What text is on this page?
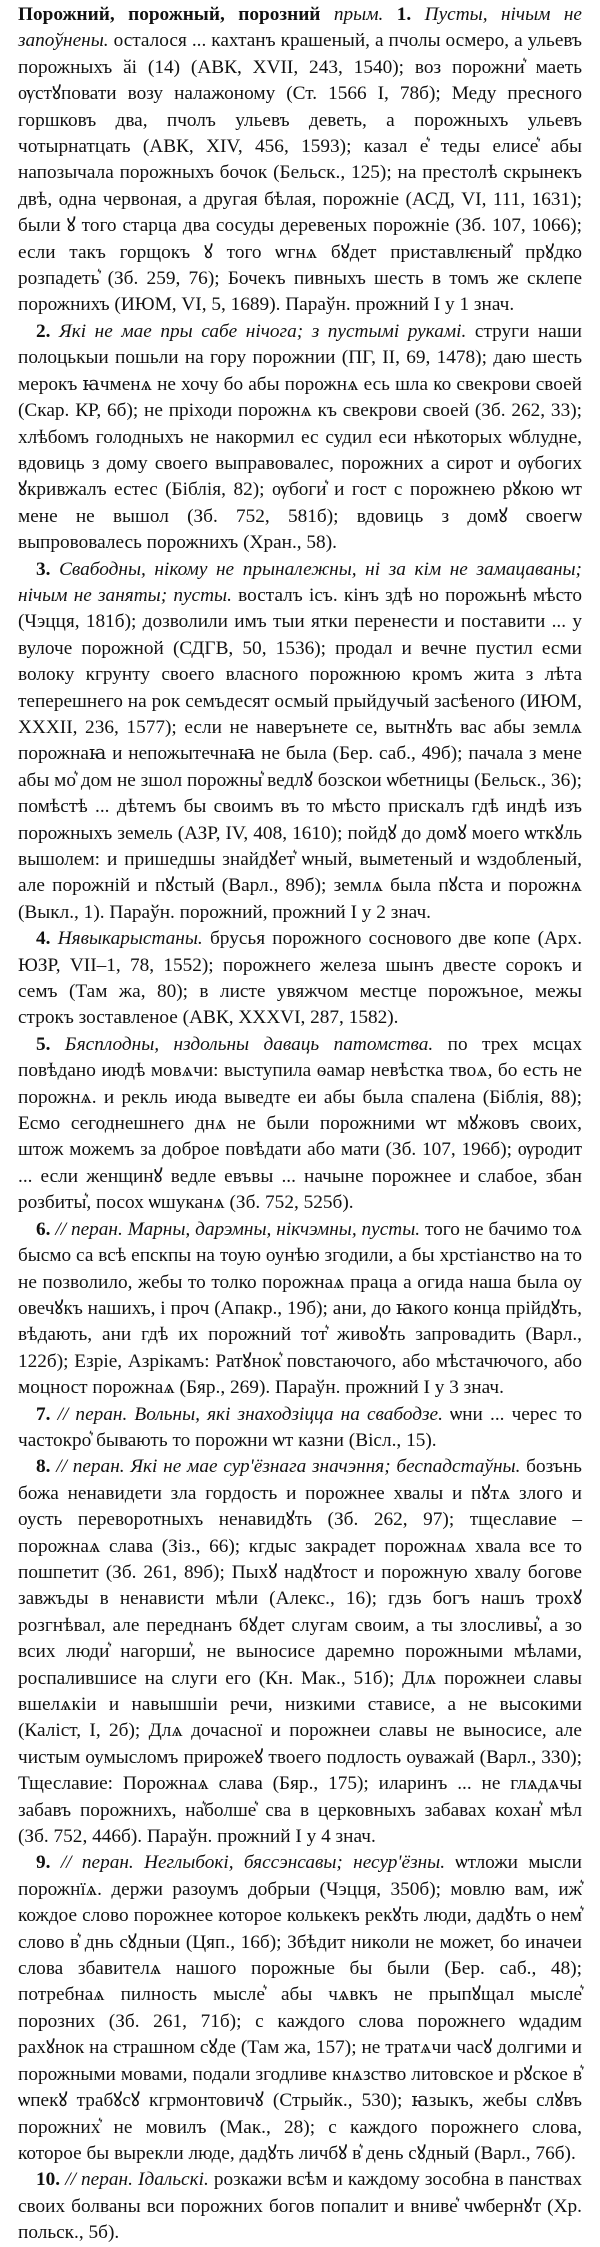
Порожний, порожный, порозний прым. 1. Пусты, нічым не запоўнены. осталося ... кахтанъ крашеный, а пчолы осмеро, а ульевъ порожныхъ ӑі (14) (АВК, XVII, 243, 1540); воз порожни͛ маеть ѹстꙋповати возу налажоному (Ст. 1566 І, 78б); Меду пресного горшковъ два, пчолъ ульевъ деветь, а порожныхъ ульевъ чотырнатцать (АВК, XIV, 456, 1593); казал е͛ теды елисе͛ абы напозычала порожныхъ бочок (Бельск., 125); на престолѣ скрынекъ двѣ, одна червоная, а другая бѣлая, порожніе (АСД, VI, 111, 1631); были ꙋ того старца два сосуды деревеных порожніе (Зб. 107, 1066); если такъ горщокъ ꙋ того ѡгнѧ бꙋдет приставлѥный͛ прꙋдко розпадеть͛ (Зб. 259, 76); Бочекъ пивныхъ шесть в томъ же склепе порожнихъ (ИЮМ, VI, 5, 1689). Параўн. прожний І у 1 знач.

2. Які не мае пры сабе нічога; з пустымі рукамі. струги наши полоцькыи пошьли на гору порожнии (ПГ, ІІ, 69, 1478); даю шесть мерокъ ꙗчменѧ не хочу бо абы порожнѧ есь шла ко свекрови своей (Скар. КР, 6б); не пріходи порожнѧ къ свекрови своей (Зб. 262, 33); хлѣбомъ голодныхъ не накормил ес судил еси нѣкоторых ѡблудне, вдовиць з дому своего выправовалес, порожних а сирот и ѹбогих ꙋкривжалъ естес (Біблія, 82); ѹбоги͛ и гост с порожнею рꙋкою ѡт мене не вышол (Зб. 752, 581б); вдовиць з домꙋ своегѡ выпрововалесь порожнихъ (Хран., 58).

3. Свабодны, нікому не прыналежны, ні за кім не замацаваны; нічым не заняты; пусты. восталъ ісъ. кінъ здѣ но порожьнѣ мѣсто (Чэцця, 181б); дозволили имъ тыи ятки перенести и поставити ... у вулоче порожной (СДГВ, 50, 1536); продал и вечне пустил есми волоку кгрунту своего власного порожнюю кромъ жита з лѣта теперешнего на рок семъдесят осмый прыйдучый засѣеного (ИЮМ, XXXII, 236, 1577); если не наверънете се, вытнꙋть вас абы землѧ порожнаꙗ и непожытечнаꙗ не была (Бер. саб., 49б); пачала з мене абы мо͛ дом не зшол порожны͛ ведлꙋ бозскои ѡбетницы (Бельск., 36); помѣстѣ ... дѣтемъ бы своимъ въ то мѣсто прискалъ гдѣ индѣ изъ порожныхъ земель (АЗР, IV, 408, 1610); пойдꙋ до домꙋ моего ѡткꙋль вышолем: и пришедшы знайдꙋет͛ ѡный, выметеный и ѡздобленый, але порожній и пꙋстый (Варл., 89б); землѧ была пꙋста и порожнѧ (Выкл., 1). Параўн. порожний, прожний І у 2 знач.

4. Нявыкарыстаны. брусья порожного соснового две копе (Арх. ЮЗР, VII–1, 78, 1552); порожнего железа шынъ двесте сорокъ и семъ (Там жа, 80); в листе увяжчом местце порожъное, межы строкъ зоставленое (АВК, XXXVI, 287, 1582).

5. Бясплодны, нздольны даваць патомства. по трех мсцах повѣдано июдѣ мовѧчи: выступила ѳамар невѣстка твоѧ, бо есть не порожнѧ. и рекль июда выведте еи абы была спалена (Біблія, 88); Есмо сегоднешнего днѧ не были порожними ѡт мꙋжовъ своих, штож можемъ за доброе повѣдати або мати (Зб. 107, 196б); ѹродит ... если женщинꙋ ведле евъвы ... начыне порожнее и слабое, збан розбиты͛, посох ѡшуканѧ (Зб. 752, 525б).

6. // перан. Марны, дарэмны, нікчэмны, пусты. того не бачимо тоѧ бысмо са всѣ епскпы на тоую оунѣю згодили, а бы хрстіанство на то не позволило, жебы то толко порожнаѧ праца а огида наша была оу овечꙋкъ нашихъ, і проч (Апакр., 19б); ани, до ꙗкого конца прійдꙋть, вѣдають, ани гдѣ их порожний тот͛ живоꙋть запровадить (Варл., 122б); Езріе, Азрікамъ: Ратꙋнок͛ повстаючого, або мѣстачючого, або моцност порожнаѧ (Бяр., 269). Параўн. прожний І у 3 знач.

7. // перан. Вольны, які знаходзіцца на свабодзе. ѡни ... черес то частокро͛ бывають то порожни ѡт казни (Вісл., 15).

8. // перан. Які не мае сур'ёзнага значэння; беспадстаўны. бозънь божа ненавидети зла гордость и порожнее хвалы и пꙋтѧ злого и оусть переворотныхъ ненавидꙋть (Зб. 262, 97); тщеславие – порожнаѧ слава (Зіз., 66); кгдыс закрадет порожнаѧ хвала все то пошпетит (Зб. 261, 89б); Пыхꙋ надꙋтост и порожную хвалу богове завжъды в ненависти мѣли (Алекс., 16); гдзь богъ нашъ трохꙋ розгнѣвал, але переднанъ бꙋдет слугам своим, а ты злосливы͛, а зо всих люди͛ нагорши͛, не выносисе даремно порожными мѣлами, роспалившисе на слуги его (Кн. Мак., 51б); Длѧ порожнеи славы вшелѧкіи и навышшіи речи, низкими стависе, а не высокими (Каліст, I, 2б); Длѧ дочасної и порожнеи славы не выносисе, але чистым оумысломъ прирожеꙋ твоего подлость оуважай (Варл., 330); Тщеславие: Порожнаѧ слава (Бяр., 175); иларинъ ... не глѧдѧчы забавъ порожнихъ, на͛болше͛ сва в церковныхъ забавах кохан͛ мѣл (Зб. 752, 446б). Параўн. прожний І у 4 знач.

9. // перан. Неглыбокі, бяссэнсавы; несур'ёзны. ѡтложи мысли порожнїѧ. держи разоумъ добрыи (Чэцця, 350б); мовлю вам, иж͛ кождое слово порожнее которое колькекъ рекꙋть люди, дадꙋть о нем͛ слово в͛ днь сꙋдныи (Цяп., 16б); Збѣдит николи не может, бо иначеи слова збавителѧ нашого порожные бы были (Бер. саб., 48); потребнаѧ пилность мысле͛ абы чѧвкъ не прыпꙋщал мысле͛ порозних (Зб. 261, 71б); с каждого слова порожнего ѡдадим рахꙋнок на страшном сꙋде (Там жа, 157); не тратѧчи часꙋ долгими и порожными мовами, подали згодливе кнѧзство литовское и рꙋское в͛ ѡпекꙋ трабꙋсꙋ кгрмонтовичꙋ (Стрыйк., 530); ꙗзыкъ, жебы слꙋвъ порожних͛ не мовилъ (Мак., 28); с каждого порожнего слова, которое бы вырекли люде, дадꙋть личбꙋ в͛ день сꙋдный (Варл., 76б).

10. // перан. Ідальскі. розкажи всѣм и каждому зособна в панствах своих болваны вси порожних богов попалит и вниве͛ чѡбернꙋт (Хр. польск., 5б).
